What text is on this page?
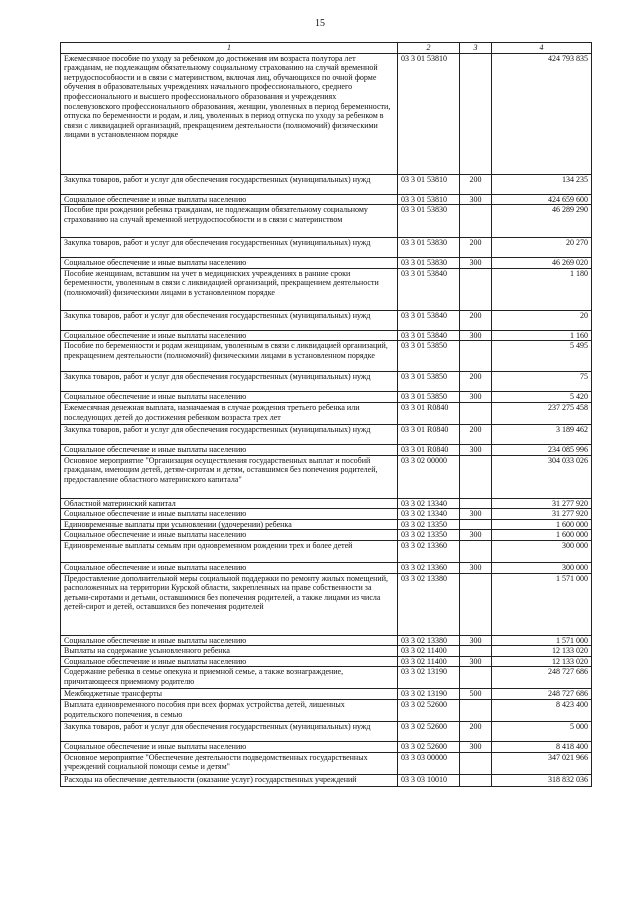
15
1	2	3	4
Ежемесячное пособие по уходу за ребенком до достижения им возраста полутора лет гражданам, не подлежащим обязательному социальному страхованию на случай временной нетрудоспособности и в связи с материнством, включая лиц, обучающихся по очной форме обучения в образовательных учреждениях начального профессионального, среднего профессионального и высшего профессионального образования и учреждениях послевузовского профессионального образования, женщин, уволенных в период беременности, отпуска по беременности и родам, и лиц, уволенных в период отпуска по уходу за ребенком в связи с ликвидацией организаций, прекращением деятельности (полномочий) физическими лицами в установленном порядке	03 3 01 53810		424 793 835
Закупка товаров, работ и услуг для обеспечения государственных (муниципальных) нужд	03 3 01 53810	200	134 235
Социальное обеспечение и иные выплаты населению	03 3 01 53810	300	424 659 600
Пособие при рождении ребенка гражданам, не подлежащим обязательному социальному страхованию на случай временной нетрудоспособности и в связи с материнством	03 3 01 53830		46 289 290
Закупка товаров, работ и услуг для обеспечения государственных (муниципальных) нужд	03 3 01 53830	200	20 270
Социальное обеспечение и иные выплаты населению	03 3 01 53830	300	46 269 020
Пособие женщинам, вставшим на учет в медицинских учреждениях в ранние сроки беременности, уволенным в связи с ликвидацией организаций, прекращением деятельности (полномочий) физическими лицами в установленном порядке	03 3 01 53840		1 180
Закупка товаров, работ и услуг для обеспечения государственных (муниципальных) нужд	03 3 01 53840	200	20
Социальное обеспечение и иные выплаты населению	03 3 01 53840	300	1 160
Пособие по беременности и родам женщинам, уволенным в связи с ликвидацией организаций, прекращением деятельности (полномочий) физическими лицами в установленном порядке	03 3 01 53850		5 495
Закупка товаров, работ и услуг для обеспечения государственных (муниципальных) нужд	03 3 01 53850	200	75
Социальное обеспечение и иные выплаты населению	03 3 01 53850	300	5 420
Ежемесячная денежная выплата, назначаемая в случае рождения третьего ребенка или последующих детей до достижения ребенком возраста трех лет	03 3 01 R0840		237 275 458
Закупка товаров, работ и услуг для обеспечения государственных (муниципальных) нужд	03 3 01 R0840	200	3 189 462
Социальное обеспечение и иные выплаты населению	03 3 01 R0840	300	234 085 996
Основное мероприятие "Организация осуществления государственных выплат и пособий гражданам, имеющим детей, детям-сиротам и детям, оставшимся без попечения родителей, предоставление областного материнского капитала"	03 3 02 00000		304 033 026
Областной материнский капитал	03 3 02 13340		31 277 920
Социальное обеспечение и иные выплаты населению	03 3 02 13340	300	31 277 920
Единовременные выплаты при усыновлении (удочерении) ребенка	03 3 02 13350		1 600 000
Социальное обеспечение и иные выплаты населению	03 3 02 13350	300	1 600 000
Единовременные выплаты семьям при одновременном рождении трех и более детей	03 3 02 13360		300 000
Социальное обеспечение и иные выплаты населению	03 3 02 13360	300	300 000
Предоставление дополнительной меры социальной поддержки по ремонту жилых помещений, расположенных на территории Курской области, закрепленных на праве собственности за детьми-сиротами и детьми, оставшимися без попечения родителей, а также лицами из числа детей-сирот и детей, оставшихся без попечения родителей	03 3 02 13380		1 571 000
Социальное обеспечение и иные выплаты населению	03 3 02 13380	300	1 571 000
Выплаты на содержание усыновленного ребенка	03 3 02 11400		12 133 020
Социальное обеспечение и иные выплаты населению	03 3 02 11400	300	12 133 020
Содержание ребенка в семье опекуна и приемной семье, а также вознаграждение, причитающееся приемному родителю	03 3 02 13190		248 727 686
Межбюджетные трансферты	03 3 02 13190	500	248 727 686
Выплата единовременного пособия при всех формах устройства детей, лишенных родительского попечения, в семью	03 3 02 52600		8 423 400
Закупка товаров, работ и услуг для обеспечения государственных (муниципальных) нужд	03 3 02 52600	200	5 000
Социальное обеспечение и иные выплаты населению	03 3 02 52600	300	8 418 400
Основное мероприятие "Обеспечение деятельности подведомственных государственных учреждений социальной помощи семье и детям"	03 3 03 00000		347 021 966
Расходы на обеспечение деятельности (оказание услуг) государственных учреждений	03 3 03 10010		318 832 036
